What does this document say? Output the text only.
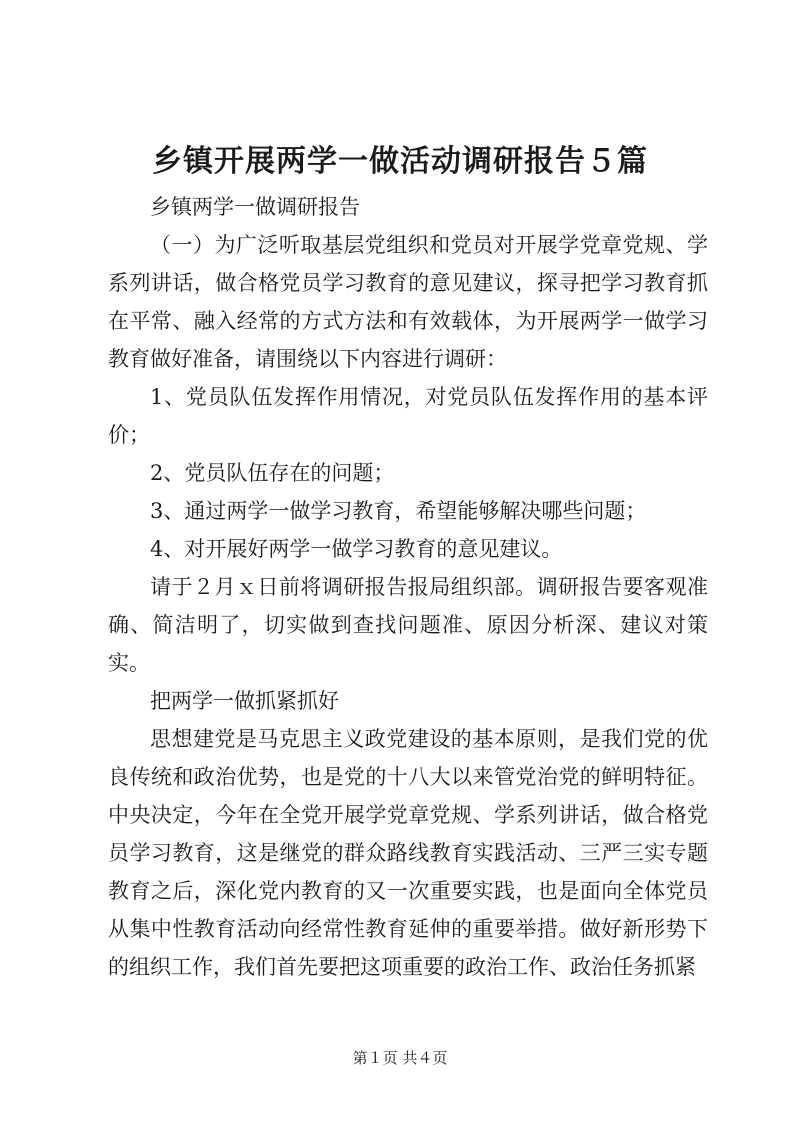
乡镇开展两学一做活动调研报告５篇

乡镇两学一做调研报告

（一）为广泛听取基层党组织和党员对开展学党章党规、学系列讲话，做合格党员学习教育的意见建议，探寻把学习教育抓在平常、融入经常的方式方法和有效载体，为开展两学一做学习教育做好准备，请围绕以下内容进行调研：

1、党员队伍发挥作用情况，对党员队伍发挥作用的基本评价；

2、党员队伍存在的问题；

3、通过两学一做学习教育，希望能够解决哪些问题；

4、对开展好两学一做学习教育的意见建议。

请于２月ｘ日前将调研报告报局组织部。调研报告要客观准确、简洁明了，切实做到查找问题准、原因分析深、建议对策实。

把两学一做抓紧抓好

思想建党是马克思主义政党建设的基本原则，是我们党的优良传统和政治优势，也是党的十八大以来管党治党的鲜明特征。中央决定，今年在全党开展学党章党规、学系列讲话，做合格党员学习教育，这是继党的群众路线教育实践活动、三严三实专题教育之后，深化党内教育的又一次重要实践，也是面向全体党员从集中性教育活动向经常性教育延伸的重要举措。做好新形势下的组织工作，我们首先要把这项重要的政治工作、政治任务抓紧

第１页 共４页
